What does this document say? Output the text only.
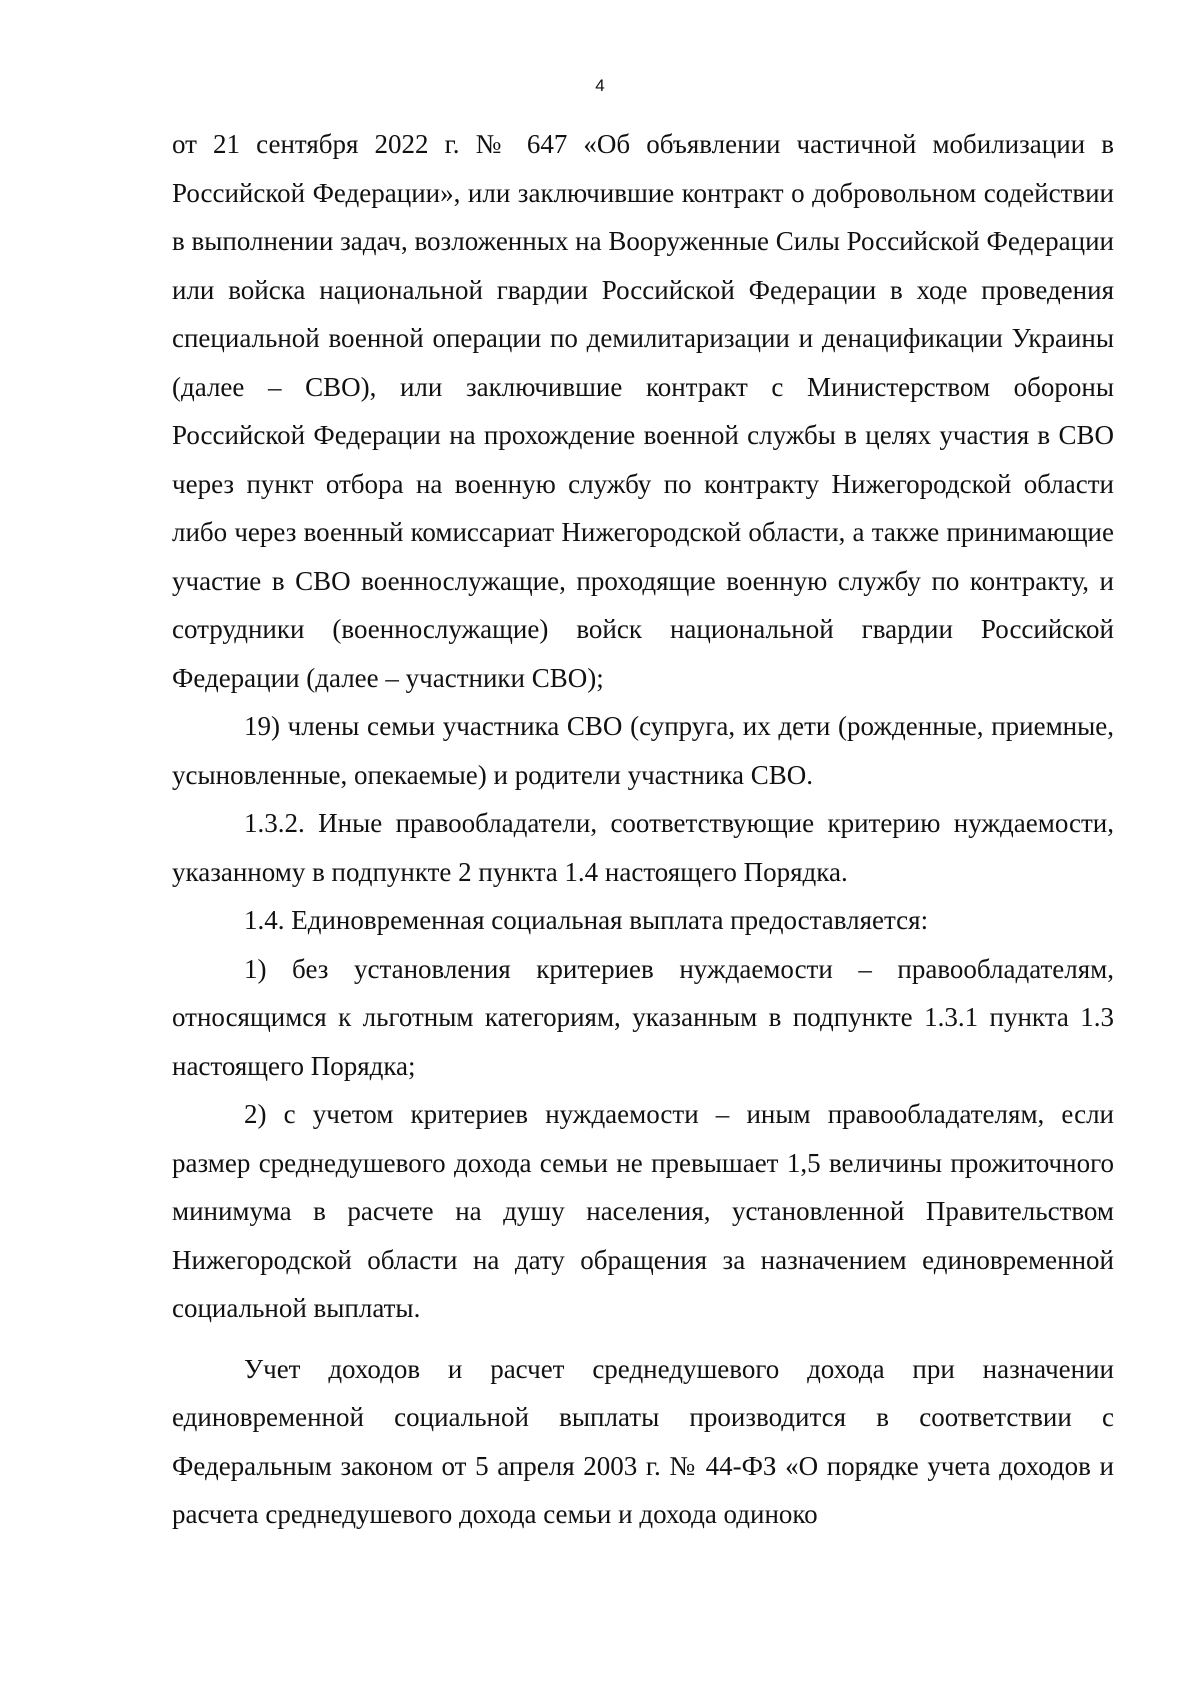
4

от 21 сентября 2022 г. № 647 «Об объявлении частичной мобилизации в Российской Федерации», или заключившие контракт о добровольном содействии в выполнении задач, возложенных на Вооруженные Силы Российской Федерации или войска национальной гвардии Российской Федерации в ходе проведения специальной военной операции по демилитаризации и денацификации Украины (далее – СВО), или заключившие контракт с Министерством обороны Российской Федерации на прохождение военной службы в целях участия в СВО через пункт отбора на военную службу по контракту Нижегородской области либо через военный комиссариат Нижегородской области, а также принимающие участие в СВО военнослужащие, проходящие военную службу по контракту, и сотрудники (военнослужащие) войск национальной гвардии Российской Федерации (далее – участники СВО);

19) члены семьи участника СВО (супруга, их дети (рожденные, приемные, усыновленные, опекаемые) и родители участника СВО.

1.3.2. Иные правообладатели, соответствующие критерию нуждаемости, указанному в подпункте 2 пункта 1.4 настоящего Порядка.

1.4. Единовременная социальная выплата предоставляется:

1) без установления критериев нуждаемости – правообладателям, относящимся к льготным категориям, указанным в подпункте 1.3.1 пункта 1.3 настоящего Порядка;

2) с учетом критериев нуждаемости – иным правообладателям, если размер среднедушевого дохода семьи не превышает 1,5 величины прожиточного минимума в расчете на душу населения, установленной Правительством Нижегородской области на дату обращения за назначением единовременной социальной выплаты.

Учет доходов и расчет среднедушевого дохода при назначении единовременной социальной выплаты производится в соответствии с Федеральным законом от 5 апреля 2003 г. № 44-ФЗ «О порядке учета доходов и расчета среднедушевого дохода семьи и дохода одиноко
